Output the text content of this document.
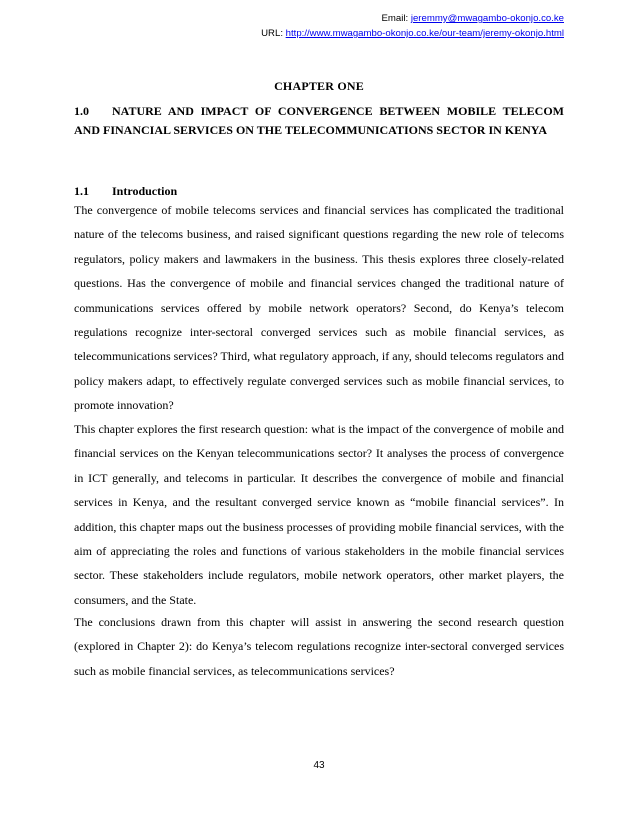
Email: jeremmy@mwagambo-okonjo.co.ke
URL: http://www.mwagambo-okonjo.co.ke/our-team/jeremy-okonjo.html
CHAPTER ONE
1.0 NATURE AND IMPACT OF CONVERGENCE BETWEEN MOBILE TELECOM AND FINANCIAL SERVICES ON THE TELECOMMUNICATIONS SECTOR IN KENYA
1.1 Introduction

The convergence of mobile telecoms services and financial services has complicated the traditional nature of the telecoms business, and raised significant questions regarding the new role of telecoms regulators, policy makers and lawmakers in the business. This thesis explores three closely-related questions. Has the convergence of mobile and financial services changed the traditional nature of communications services offered by mobile network operators? Second, do Kenya’s telecom regulations recognize inter-sectoral converged services such as mobile financial services, as telecommunications services? Third, what regulatory approach, if any, should telecoms regulators and policy makers adapt, to effectively regulate converged services such as mobile financial services, to promote innovation?

This chapter explores the first research question: what is the impact of the convergence of mobile and financial services on the Kenyan telecommunications sector? It analyses the process of convergence in ICT generally, and telecoms in particular. It describes the convergence of mobile and financial services in Kenya, and the resultant converged service known as “mobile financial services”. In addition, this chapter maps out the business processes of providing mobile financial services, with the aim of appreciating the roles and functions of various stakeholders in the mobile financial services sector. These stakeholders include regulators, mobile network operators, other market players, the consumers, and the State.

The conclusions drawn from this chapter will assist in answering the second research question (explored in Chapter 2): do Kenya’s telecom regulations recognize inter-sectoral converged services such as mobile financial services, as telecommunications services?

43
